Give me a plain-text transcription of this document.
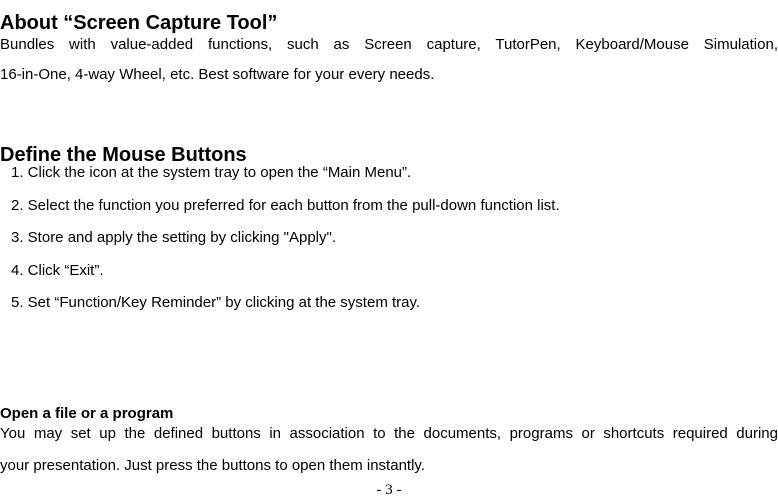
About “Screen Capture Tool”
Bundles with value-added functions, such as Screen capture, TutorPen, Keyboard/Mouse Simulation,
16-in-One, 4-way Wheel, etc. Best software for your every needs.
Define the Mouse Buttons
1. Click the icon at the system tray to open the “Main Menu”.
2. Select the function you preferred for each button from the pull-down function list.
3. Store and apply the setting by clicking "Apply".
4. Click “Exit”.
5. Set “Function/Key Reminder” by clicking at the system tray.
Open a file or a program
You may set up the defined buttons in association to the documents, programs or shortcuts required during
your presentation. Just press the buttons to open them instantly.
- 3 -
